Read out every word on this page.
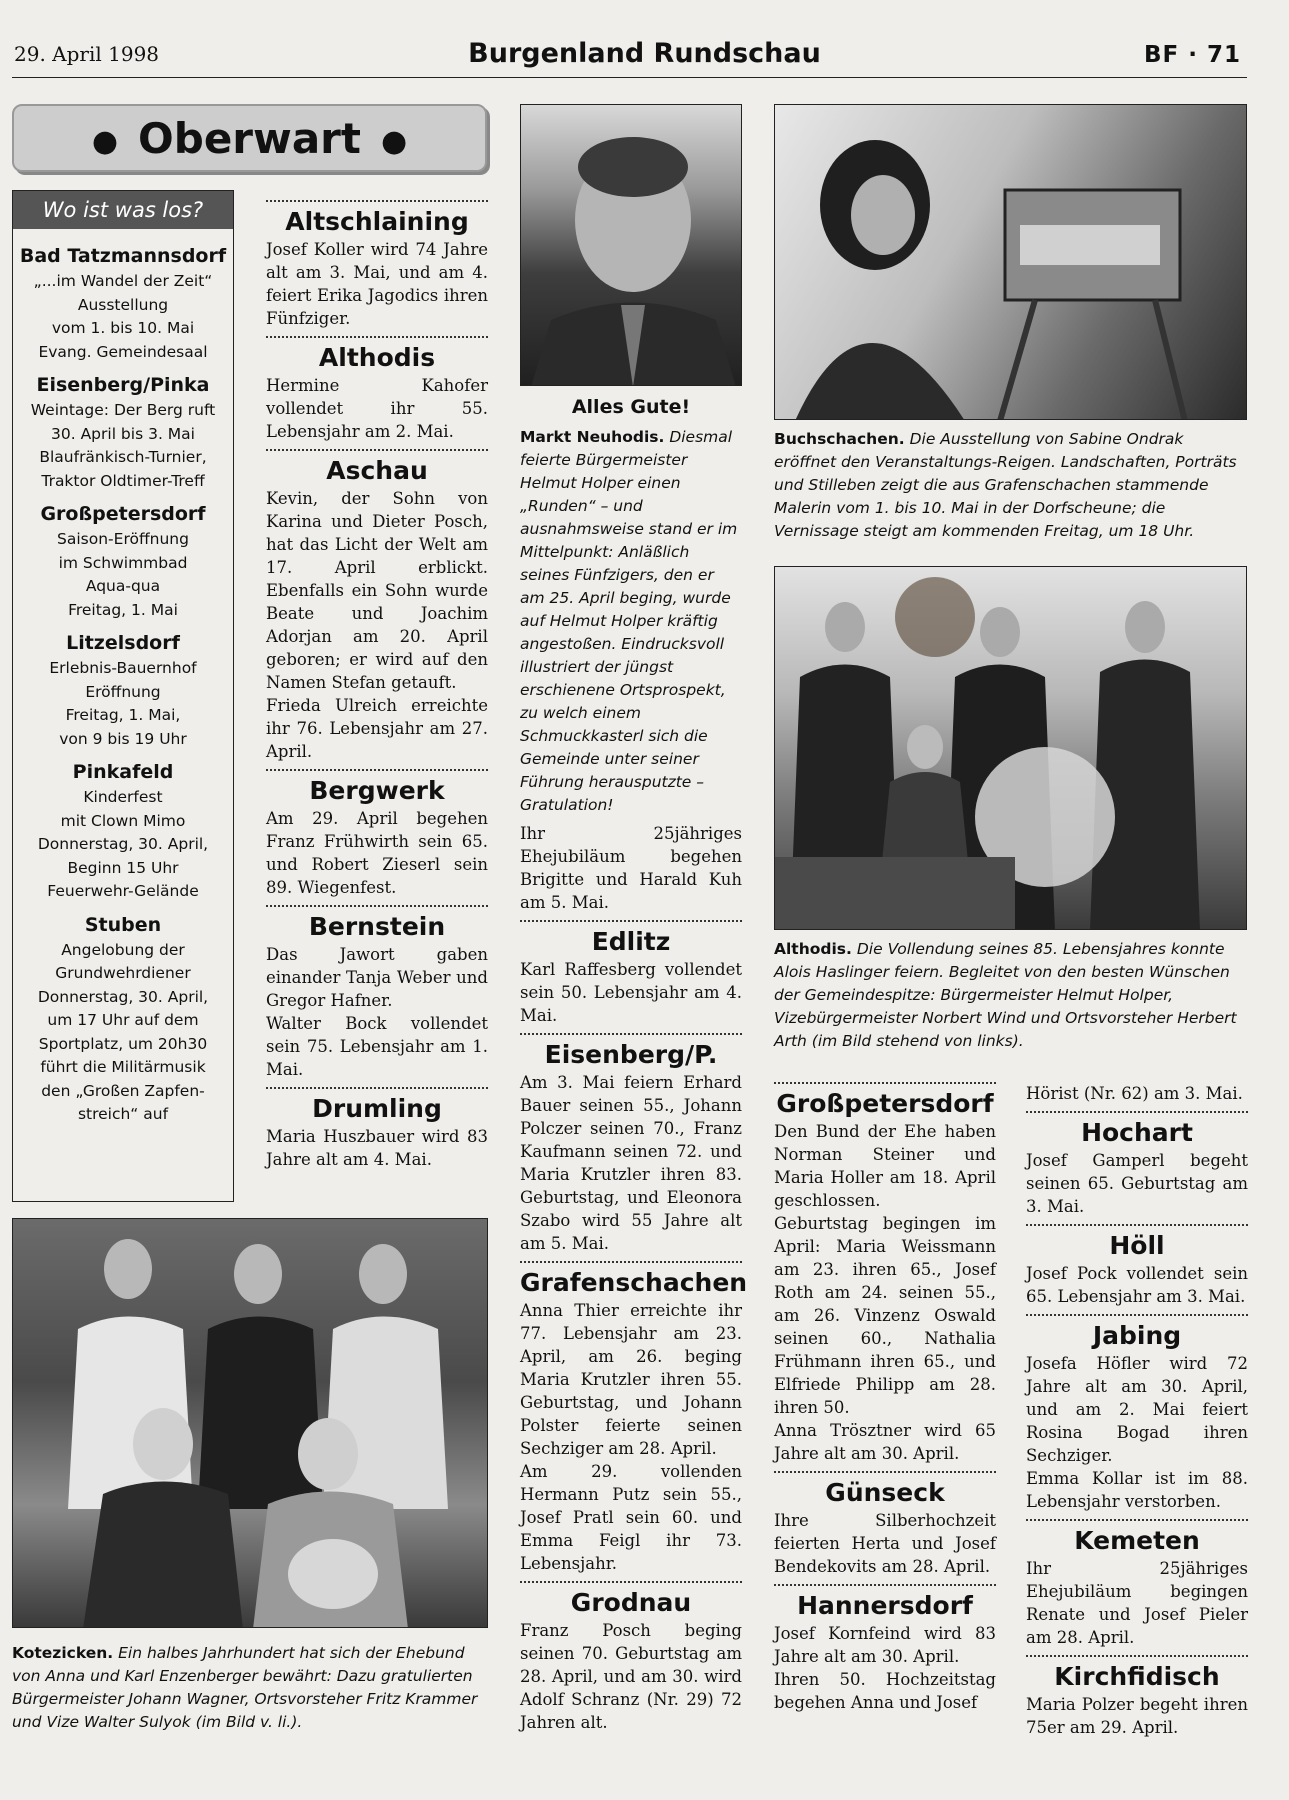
29. April 1998	Burgenland Rundschau	BF · 71
● Oberwart ●
Wo ist was los?
Bad Tatzmannsdorf
„...im Wandel der Zeit“
Ausstellung
vom 1. bis 10. Mai
Evang. Gemeindesaal
Eisenberg/Pinka
Weintage: Der Berg ruft
30. April bis 3. Mai
Blaufränkisch-Turnier,
Traktor Oldtimer-Treff
Großpetersdorf
Saison-Eröffnung
im Schwimmbad
Aqua-qua
Freitag, 1. Mai
Litzelsdorf
Erlebnis-Bauernhof
Eröffnung
Freitag, 1. Mai,
von 9 bis 19 Uhr
Pinkafeld
Kinderfest
mit Clown Mimo
Donnerstag, 30. April,
Beginn 15 Uhr
Feuerwehr-Gelände
Stuben
Angelobung der
Grundwehrdiener
Donnerstag, 30. April,
um 17 Uhr auf dem
Sportplatz, um 20h30
führt die Militärmusik
den „Großen Zapfen-
streich“ auf
Altschlaining

Josef Koller wird 74 Jahre alt am 3. Mai, und am 4. feiert Erika Jagodics ihren Fünfziger.

Althodis

Hermine Kahofer vollendet ihr 55. Lebensjahr am 2. Mai.

Aschau

Kevin, der Sohn von Karina und Dieter Posch, hat das Licht der Welt am 17. April erblickt. Ebenfalls ein Sohn wurde Beate und Joachim Adorjan am 20. April geboren; er wird auf den Namen Stefan getauft.

Frieda Ulreich erreichte ihr 76. Lebensjahr am 27. April.

Bergwerk

Am 29. April begehen Franz Frühwirth sein 65. und Robert Zieserl sein 89. Wiegenfest.

Bernstein

Das Jawort gaben einander Tanja Weber und Gregor Hafner.

Walter Bock vollendet sein 75. Lebensjahr am 1. Mai.

Drumling

Maria Huszbauer wird 83 Jahre alt am 4. Mai.

Alles Gute!
Markt Neuhodis. Diesmal feierte Bürgermeister Helmut Holper einen „Runden“ – und ausnahmsweise stand er im Mittelpunkt: Anläßlich seines Fünfzigers, den er am 25. April beging, wurde auf Helmut Holper kräftig angestoßen. Eindrucksvoll illustriert der jüngst erschienene Ortsprospekt, zu welch einem Schmuckkasterl sich die Gemeinde unter seiner Führung herausputzte – Gratulation!

Ihr 25jähriges Ehejubiläum begehen Brigitte und Harald Kuh am 5. Mai.

Edlitz

Karl Raffesberg vollendet sein 50. Lebensjahr am 4. Mai.

Eisenberg/P.

Am 3. Mai feiern Erhard Bauer seinen 55., Johann Polczer seinen 70., Franz Kaufmann seinen 72. und Maria Krutzler ihren 83. Geburtstag, und Eleonora Szabo wird 55 Jahre alt am 5. Mai.

Grafenschachen

Anna Thier erreichte ihr 77. Lebensjahr am 23. April, am 26. beging Maria Krutzler ihren 55. Geburtstag, und Johann Polster feierte seinen Sechziger am 28. April.

Am 29. vollenden Hermann Putz sein 55., Josef Pratl sein 60. und Emma Feigl ihr 73. Lebensjahr.

Grodnau

Franz Posch beging seinen 70. Geburtstag am 28. April, und am 30. wird Adolf Schranz (Nr. 29) 72 Jahren alt.

Buchschachen. Die Ausstellung von Sabine Ondrak eröffnet den Veranstaltungs-Reigen. Landschaften, Porträts und Stilleben zeigt die aus Grafenschachen stammende Malerin vom 1. bis 10. Mai in der Dorfscheune; die Vernissage steigt am kommenden Freitag, um 18 Uhr.
Althodis. Die Vollendung seines 85. Lebensjahres konnte Alois Haslinger feiern. Begleitet von den besten Wünschen der Gemeindespitze: Bürgermeister Helmut Holper, Vizebürgermeister Norbert Wind und Ortsvorsteher Herbert Arth (im Bild stehend von links).
Kotezicken. Ein halbes Jahrhundert hat sich der Ehebund von Anna und Karl Enzenberger bewährt: Dazu gratulierten Bürgermeister Johann Wagner, Ortsvorsteher Fritz Krammer und Vize Walter Sulyok (im Bild v. li.).
Großpetersdorf

Den Bund der Ehe haben Norman Steiner und Maria Holler am 18. April geschlossen.

Geburtstag begingen im April: Maria Weissmann am 23. ihren 65., Josef Roth am 24. seinen 55., am 26. Vinzenz Oswald seinen 60., Nathalia Frühmann ihren 65., und Elfriede Philipp am 28. ihren 50.

Anna Trösztner wird 65 Jahre alt am 30. April.

Günseck

Ihre Silberhochzeit feierten Herta und Josef Bendekovits am 28. April.

Hannersdorf

Josef Kornfeind wird 83 Jahre alt am 30. April.

Ihren 50. Hochzeitstag begehen Anna und Josef

Hörist (Nr. 62) am 3. Mai.

Hochart

Josef Gamperl begeht seinen 65. Geburtstag am 3. Mai.

Höll

Josef Pock vollendet sein 65. Lebensjahr am 3. Mai.

Jabing

Josefa Höfler wird 72 Jahre alt am 30. April, und am 2. Mai feiert Rosina Bogad ihren Sechziger.

Emma Kollar ist im 88. Lebensjahr verstorben.

Kemeten

Ihr 25jähriges Ehejubiläum begingen Renate und Josef Pieler am 28. April.

Kirchfidisch

Maria Polzer begeht ihren 75er am 29. April.
